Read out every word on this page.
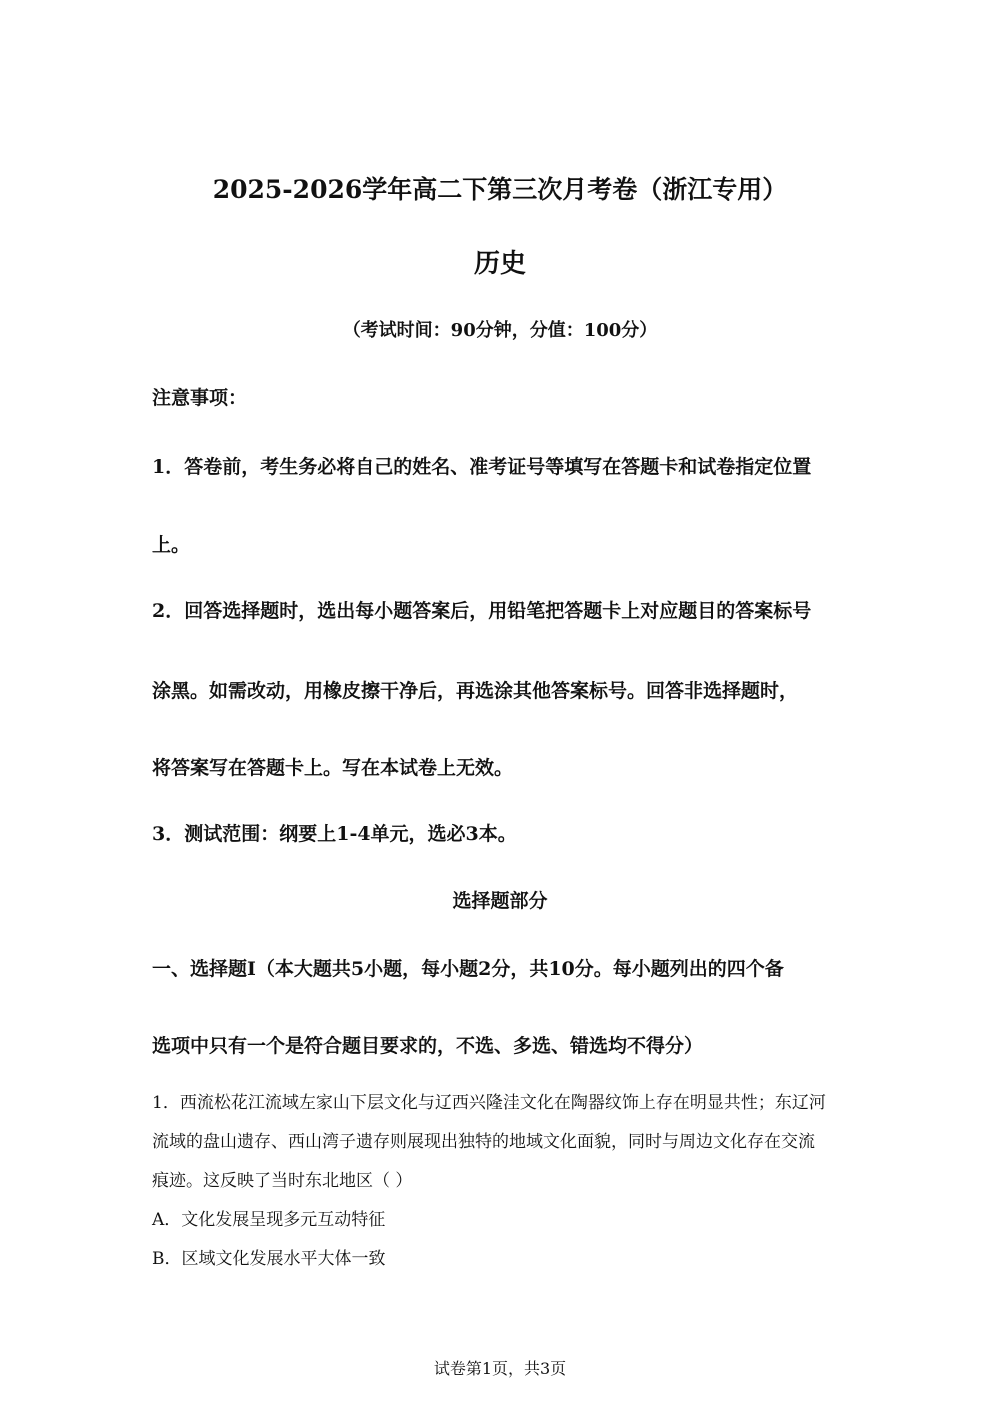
2025-2026学年高二下第三次月考卷（浙江专用）
历史
（考试时间：90分钟，分值：100分）
注意事项：
1．答卷前，考生务必将自己的姓名、准考证号等填写在答题卡和试卷指定位置
上。
2．回答选择题时，选出每小题答案后，用铅笔把答题卡上对应题目的答案标号
涂黑。如需改动，用橡皮擦干净后，再选涂其他答案标号。回答非选择题时，
将答案写在答题卡上。写在本试卷上无效。
3．测试范围：纲要上1-4单元，选必3本。
选择题部分
一、选择题I（本大题共5小题，每小题2分，共10分。每小题列出的四个备
选项中只有一个是符合题目要求的，不选、多选、错选均不得分）
1．西流松花江流域左家山下层文化与辽西兴隆洼文化在陶器纹饰上存在明显共性；东辽河
流域的盘山遗存、西山湾子遗存则展现出独特的地域文化面貌，同时与周边文化存在交流
痕迹。这反映了当时东北地区（ ）
A．文化发展呈现多元互动特征
B．区域文化发展水平大体一致
试卷第1页，共3页
